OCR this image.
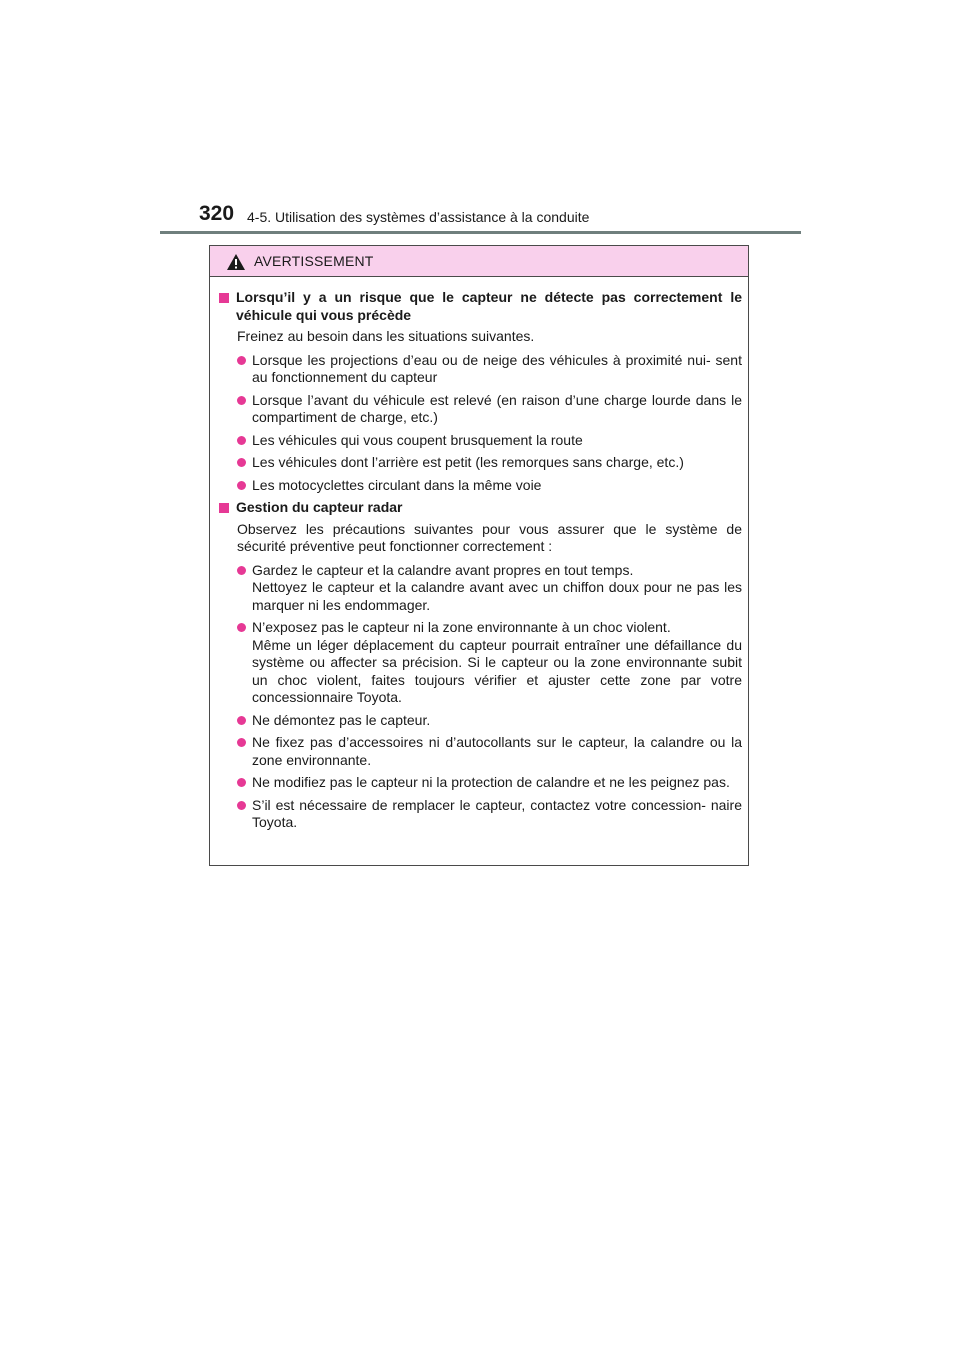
320 4-5. Utilisation des systèmes d’assistance à la conduite
AVERTISSEMENT
Lorsqu’il y a un risque que le capteur ne détecte pas correctement le véhicule qui vous précède
Freinez au besoin dans les situations suivantes.
Lorsque les projections d’eau ou de neige des véhicules à proximité nui- sent au fonctionnement du capteur
Lorsque l’avant du véhicule est relevé (en raison d’une charge lourde dans le compartiment de charge, etc.)
Les véhicules qui vous coupent brusquement la route
Les véhicules dont l’arrière est petit (les remorques sans charge, etc.)
Les motocyclettes circulant dans la même voie
Gestion du capteur radar
Observez les précautions suivantes pour vous assurer que le système de sécurité préventive peut fonctionner correctement :
Gardez le capteur et la calandre avant propres en tout temps.
Nettoyez le capteur et la calandre avant avec un chiffon doux pour ne pas les marquer ni les endommager.
N’exposez pas le capteur ni la zone environnante à un choc violent.
Même un léger déplacement du capteur pourrait entraîner une défaillance du système ou affecter sa précision. Si le capteur ou la zone environnante subit un choc violent, faites toujours vérifier et ajuster cette zone par votre concessionnaire Toyota.
Ne démontez pas le capteur.
Ne fixez pas d’accessoires ni d’autocollants sur le capteur, la calandre ou la zone environnante.
Ne modifiez pas le capteur ni la protection de calandre et ne les peignez pas.
S’il est nécessaire de remplacer le capteur, contactez votre concession- naire Toyota.
